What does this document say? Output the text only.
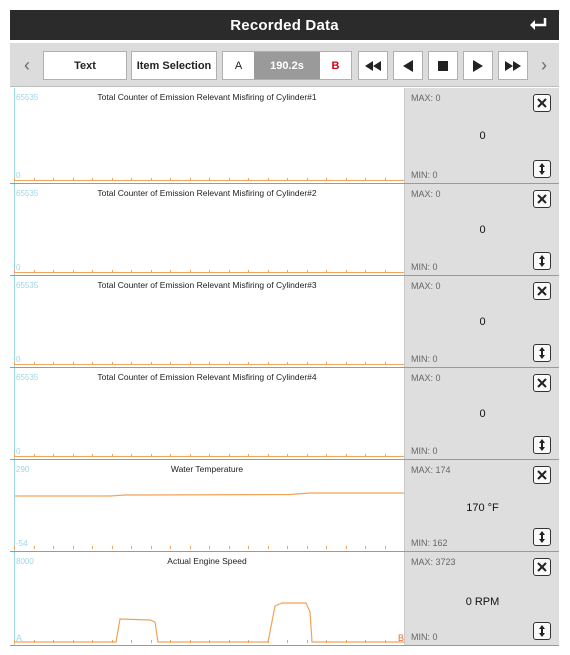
Recorded Data
‹	Text	Item Selection	A	190.2s	B	›
65535
0
Total Counter of Emission Relevant Misfiring of Cylinder#1	MAX: 0
0
MIN: 0
65535
0
Total Counter of Emission Relevant Misfiring of Cylinder#2	MAX: 0
0
MIN: 0
65535
0
Total Counter of Emission Relevant Misfiring of Cylinder#3	MAX: 0
0
MIN: 0
65535
0
Total Counter of Emission Relevant Misfiring of Cylinder#4	MAX: 0
0
MIN: 0
290
-54
Water Temperature	MAX: 174
170 °F
MIN: 162
8000
A
Actual Engine Speed
B
MAX: 3723
0 RPM
MIN: 0
